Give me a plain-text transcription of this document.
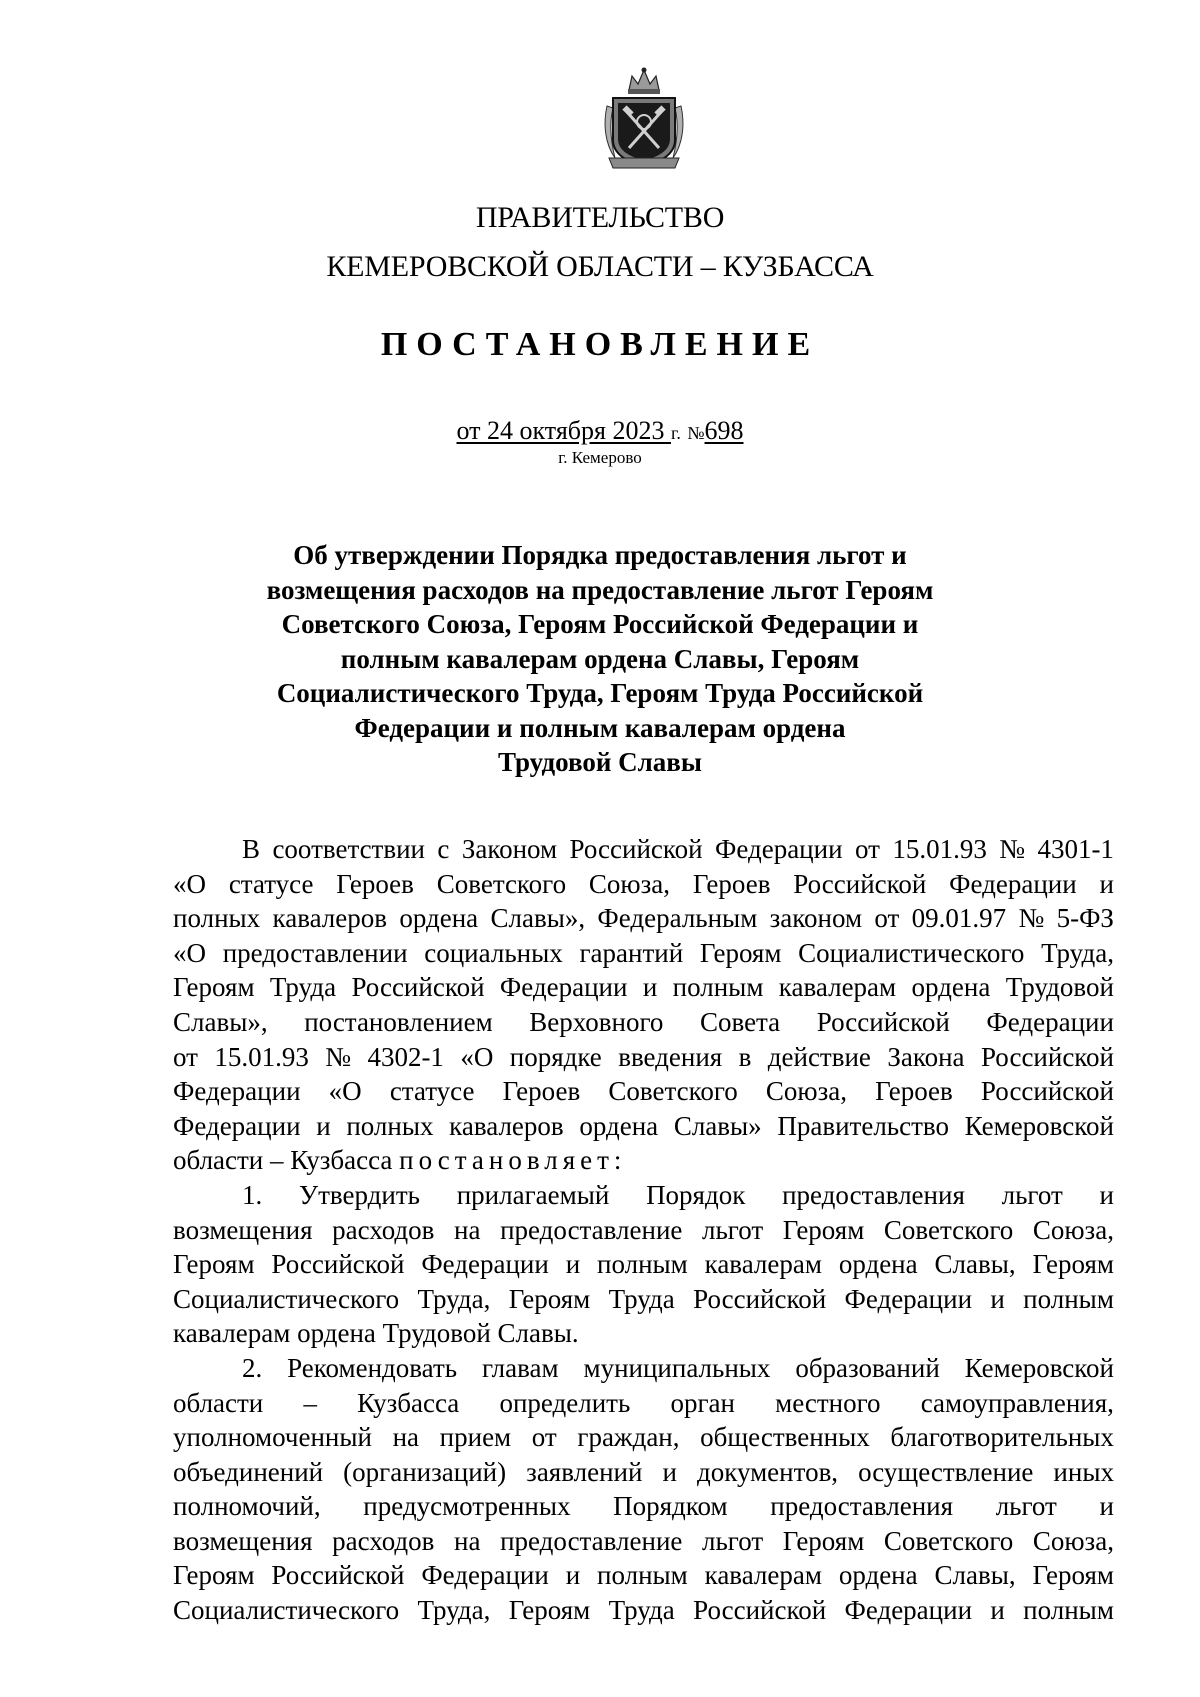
ПРАВИТЕЛЬСТВО
КЕМЕРОВСКОЙ ОБЛАСТИ – КУЗБАССА
ПОСТАНОВЛЕНИЕ
от 24 октября 2023 г. №698
г. Кемерово
Об утверждении Порядка предоставления льгот и
возмещения расходов на предоставление льгот Героям
Советского Союза, Героям Российской Федерации и
полным кавалерам ордена Славы, Героям
Социалистического Труда, Героям Труда Российской
Федерации и полным кавалерам ордена
Трудовой Славы
В соответствии с Законом Российской Федерации от 15.01.93 № 4301-1
«О статусе Героев Советского Союза, Героев Российской Федерации и
полных кавалеров ордена Славы», Федеральным законом от 09.01.97 № 5-ФЗ
«О предоставлении социальных гарантий Героям Социалистического Труда,
Героям Труда Российской Федерации и полным кавалерам ордена Трудовой
Славы», постановлением Верховного Совета Российской Федерации
от 15.01.93 № 4302-1 «О порядке введения в действие Закона Российской
Федерации «О статусе Героев Советского Союза, Героев Российской
Федерации и полных кавалеров ордена Славы» Правительство Кемеровской
области – Кузбасса постановляет:
1. Утвердить прилагаемый Порядок предоставления льгот и
возмещения расходов на предоставление льгот Героям Советского Союза,
Героям Российской Федерации и полным кавалерам ордена Славы, Героям
Социалистического Труда, Героям Труда Российской Федерации и полным
кавалерам ордена Трудовой Славы.
2. Рекомендовать главам муниципальных образований Кемеровской
области – Кузбасса определить орган местного самоуправления,
уполномоченный на прием от граждан, общественных благотворительных
объединений (организаций) заявлений и документов, осуществление иных
полномочий, предусмотренных Порядком предоставления льгот и
возмещения расходов на предоставление льгот Героям Советского Союза,
Героям Российской Федерации и полным кавалерам ордена Славы, Героям
Социалистического Труда, Героям Труда Российской Федерации и полным
